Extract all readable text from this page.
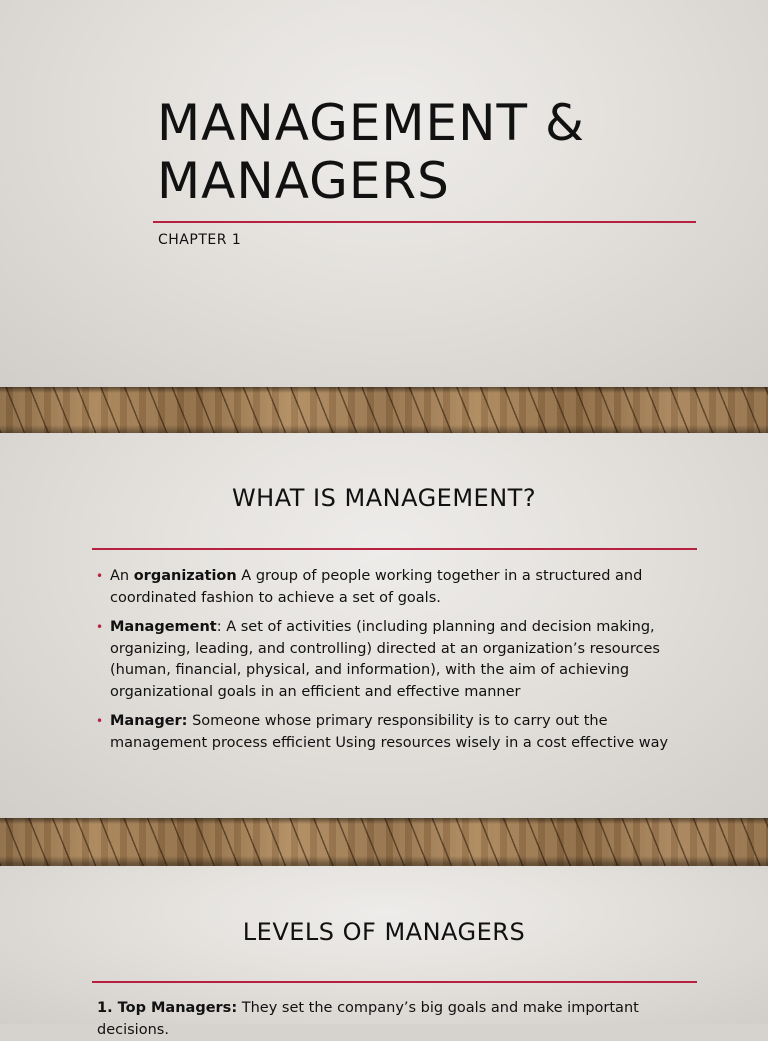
MANAGEMENT & MANAGERS
CHAPTER 1
WHAT IS MANAGEMENT?
• An organization A group of people working together in a structured and coordinated fashion to achieve a set of goals.
• Management: A set of activities (including planning and decision making, organizing, leading, and controlling) directed at an organization’s resources (human, financial, physical, and information), with the aim of achieving organizational goals in an efficient and effective manner
• Manager: Someone whose primary responsibility is to carry out the management process efficient Using resources wisely in a cost effective way
LEVELS OF MANAGERS
1. Top Managers: They set the company’s big goals and make important decisions.
